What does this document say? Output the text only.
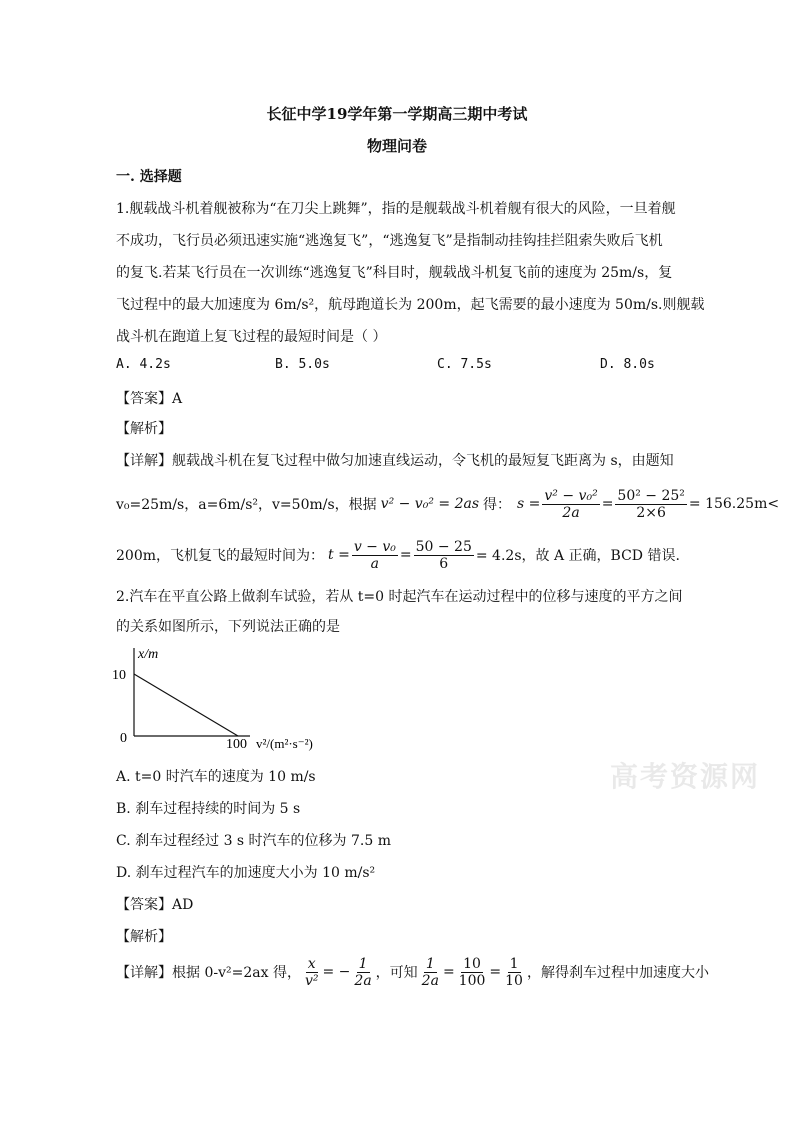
长征中学19学年第一学期高三期中考试
物理问卷
一. 选择题
1.舰载战斗机着舰被称为“在刀尖上跳舞”，指的是舰载战斗机着舰有很大的风险，一旦着舰
不成功，飞行员必须迅速实施“逃逸复飞”，“逃逸复飞”是指制动挂钩挂拦阻索失败后飞机
的复飞.若某飞行员在一次训练“逃逸复飞”科目时，舰载战斗机复飞前的速度为 25m/s，复
飞过程中的最大加速度为 6m/s²，航母跑道长为 200m，起飞需要的最小速度为 50m/s.则舰载
战斗机在跑道上复飞过程的最短时间是（ ）
A. 4.2s	B. 5.0s	C. 7.5s	D. 8.0s
【答案】A
【解析】
【详解】舰载战斗机在复飞过程中做匀加速直线运动，令飞机的最短复飞距离为 s，由题知
v₀=25m/s，a=6m/s²，v=50m/s，根据 v² − v₀² = 2as 得： $s = \frac{\text{v² − v₀²}}{2a} = \frac{\text{50² − 25²}}{2\times 6} = 156.25m<$
200m，飞机复飞的最短时间为： $t = \frac{\text{v − v₀}}{a} = \frac{50 - 25}{6} = 4.2s$，故 A 正确，BCD 错误.
2.汽车在平直公路上做刹车试验，若从 t=0 时起汽车在运动过程中的位移与速度的平方之间
的关系如图所示，下列说法正确的是
x/m
10
0	100 v²/(m²·s⁻²)
高考资源网
A. t=0 时汽车的速度为 10 m/s
B. 刹车过程持续的时间为 5 s
C. 刹车过程经过 3 s 时汽车的位移为 7.5 m
D. 刹车过程汽车的加速度大小为 10 m/s²
【答案】AD
【解析】
【详解】根据 0-v²=2ax 得， $\frac{x}{\text{v²}}$ = − $\frac{1}{2a}$ ，可知 $\frac{1}{2a} = \frac{10}{100} = \frac{1}{10}$ ，解得刹车过程中加速度大小
